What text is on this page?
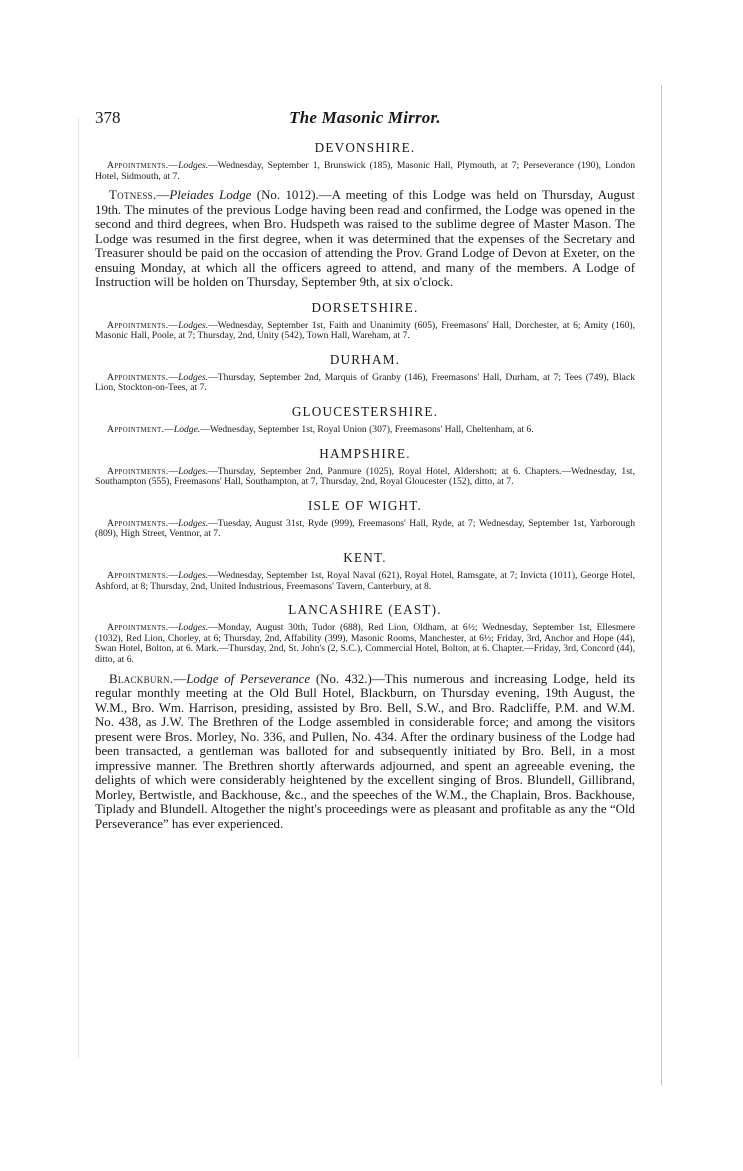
378	The Masonic Mirror.
DEVONSHIRE.

Appointments.—Lodges.—Wednesday, September 1, Brunswick (185), Masonic Hall, Plymouth, at 7; Perseverance (190), London Hotel, Sidmouth, at 7.

Totness.—Pleiades Lodge (No. 1012).—A meeting of this Lodge was held on Thursday, August 19th. The minutes of the previous Lodge having been read and confirmed, the Lodge was opened in the second and third degrees, when Bro. Hudspeth was raised to the sublime degree of Master Mason. The Lodge was resumed in the first degree, when it was determined that the expenses of the Secretary and Treasurer should be paid on the occasion of attending the Prov. Grand Lodge of Devon at Exeter, on the ensuing Monday, at which all the officers agreed to attend, and many of the members. A Lodge of Instruction will be holden on Thursday, September 9th, at six o'clock.

DORSETSHIRE.

Appointments.—Lodges.—Wednesday, September 1st, Faith and Unanimity (605), Freemasons' Hall, Dorchester, at 6; Amity (160), Masonic Hall, Poole, at 7; Thursday, 2nd, Unity (542), Town Hall, Wareham, at 7.

DURHAM.

Appointments.—Lodges.—Thursday, September 2nd, Marquis of Granby (146), Freemasons' Hall, Durham, at 7; Tees (749), Black Lion, Stockton-on-Tees, at 7.

GLOUCESTERSHIRE.

Appointment.—Lodge.—Wednesday, September 1st, Royal Union (307), Freemasons' Hall, Cheltenham, at 6.

HAMPSHIRE.

Appointments.—Lodges.—Thursday, September 2nd, Panmure (1025), Royal Hotel, Aldershott; at 6. Chapters.—Wednesday, 1st, Southampton (555), Freemasons' Hall, Southampton, at 7, Thursday, 2nd, Royal Gloucester (152), ditto, at 7.

ISLE OF WIGHT.

Appointments.—Lodges.—Tuesday, August 31st, Ryde (999), Freemasons' Hall, Ryde, at 7; Wednesday, September 1st, Yarborough (809), High Street, Ventnor, at 7.

KENT.

Appointments.—Lodges.—Wednesday, September 1st, Royal Naval (621), Royal Hotel, Ramsgate, at 7; Invicta (1011), George Hotel, Ashford, at 8; Thursday, 2nd, United Industrious, Freemasons' Tavern, Canterbury, at 8.

LANCASHIRE (EAST).

Appointments.—Lodges.—Monday, August 30th, Tudor (688), Red Lion, Oldham, at 6½; Wednesday, September 1st, Ellesmere (1032), Red Lion, Chorley, at 6; Thursday, 2nd, Affability (399), Masonic Rooms, Manchester, at 6½; Friday, 3rd, Anchor and Hope (44), Swan Hotel, Bolton, at 6. Mark.—Thursday, 2nd, St. John's (2, S.C.), Commercial Hotel, Bolton, at 6. Chapter.—Friday, 3rd, Concord (44), ditto, at 6.

Blackburn.—Lodge of Perseverance (No. 432.)—This numerous and increasing Lodge, held its regular monthly meeting at the Old Bull Hotel, Blackburn, on Thursday evening, 19th August, the W.M., Bro. Wm. Harrison, presiding, assisted by Bro. Bell, S.W., and Bro. Radcliffe, P.M. and W.M. No. 438, as J.W. The Brethren of the Lodge assembled in considerable force; and among the visitors present were Bros. Morley, No. 336, and Pullen, No. 434. After the ordinary business of the Lodge had been transacted, a gentleman was balloted for and subsequently initiated by Bro. Bell, in a most impressive manner. The Brethren shortly afterwards adjourned, and spent an agreeable evening, the delights of which were considerably heightened by the excellent singing of Bros. Blundell, Gillibrand, Morley, Bertwistle, and Backhouse, &c., and the speeches of the W.M., the Chaplain, Bros. Backhouse, Tiplady and Blundell. Altogether the night's proceedings were as pleasant and profitable as any the “Old Perseverance” has ever experienced.
